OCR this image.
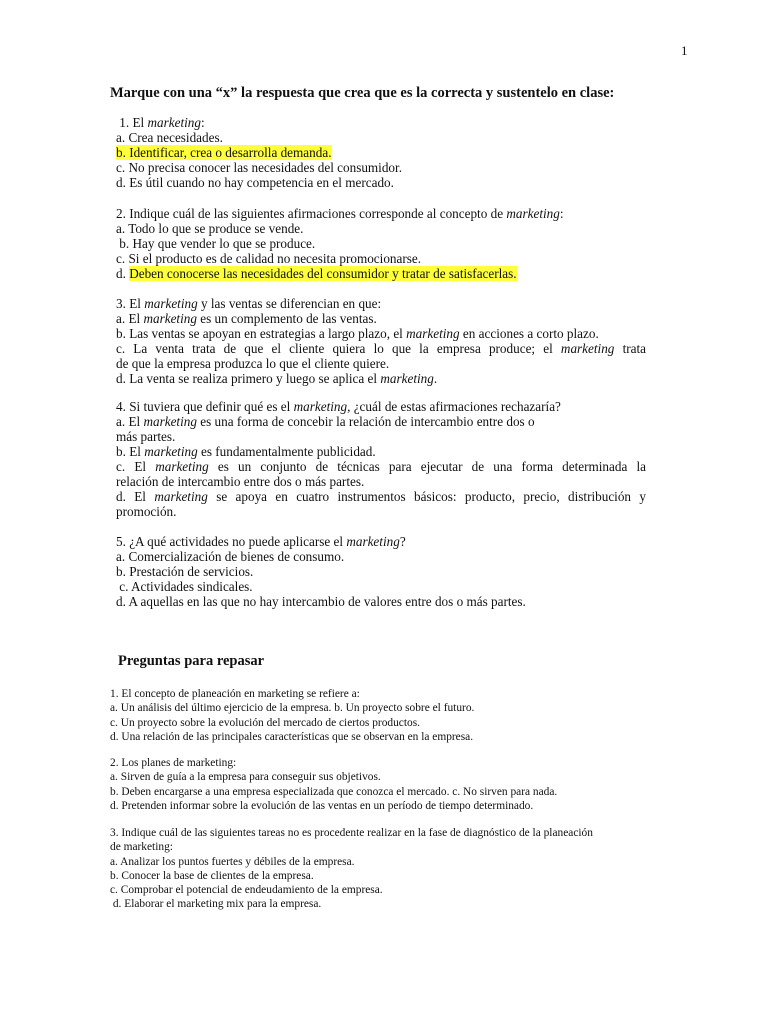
1
Marque con una “x” la respuesta que crea que es la correcta y sustentelo en clase:
1. El marketing:
a. Crea necesidades.
b. Identificar, crea o desarrolla demanda.
c. No precisa conocer las necesidades del consumidor.
d. Es útil cuando no hay competencia en el mercado.
2. Indique cuál de las siguientes afirmaciones corresponde al concepto de marketing:
a. Todo lo que se produce se vende.
b. Hay que vender lo que se produce.
c. Si el producto es de calidad no necesita promocionarse.
d. Deben conocerse las necesidades del consumidor y tratar de satisfacerlas.
3. El marketing y las ventas se diferencian en que:
a. El marketing es un complemento de las ventas.
b. Las ventas se apoyan en estrategias a largo plazo, el marketing en acciones a corto plazo.
c. La venta trata de que el cliente quiera lo que la empresa produce; el marketing trata
de que la empresa produzca lo que el cliente quiere.
d. La venta se realiza primero y luego se aplica el marketing.
4. Si tuviera que definir qué es el marketing, ¿cuál de estas afirmaciones rechazaría?
a. El marketing es una forma de concebir la relación de intercambio entre dos o
más partes.
b. El marketing es fundamentalmente publicidad.
c. El marketing es un conjunto de técnicas para ejecutar de una forma determinada la
relación de intercambio entre dos o más partes.
d. El marketing se apoya en cuatro instrumentos básicos: producto, precio, distribución y
promoción.
5. ¿A qué actividades no puede aplicarse el marketing?
a. Comercialización de bienes de consumo.
b. Prestación de servicios.
c. Actividades sindicales.
d. A aquellas en las que no hay intercambio de valores entre dos o más partes.
Preguntas para repasar
1. El concepto de planeación en marketing se refiere a:
a. Un análisis del último ejercicio de la empresa. b. Un proyecto sobre el futuro.
c. Un proyecto sobre la evolución del mercado de ciertos productos.
d. Una relación de las principales características que se observan en la empresa.
2. Los planes de marketing:
a. Sirven de guía a la empresa para conseguir sus objetivos.
b. Deben encargarse a una empresa especializada que conozca el mercado. c. No sirven para nada.
d. Pretenden informar sobre la evolución de las ventas en un período de tiempo determinado.
3. Indique cuál de las siguientes tareas no es procedente realizar en la fase de diagnóstico de la planeación
de marketing:
a. Analizar los puntos fuertes y débiles de la empresa.
b. Conocer la base de clientes de la empresa.
c. Comprobar el potencial de endeudamiento de la empresa.
d. Elaborar el marketing mix para la empresa.
